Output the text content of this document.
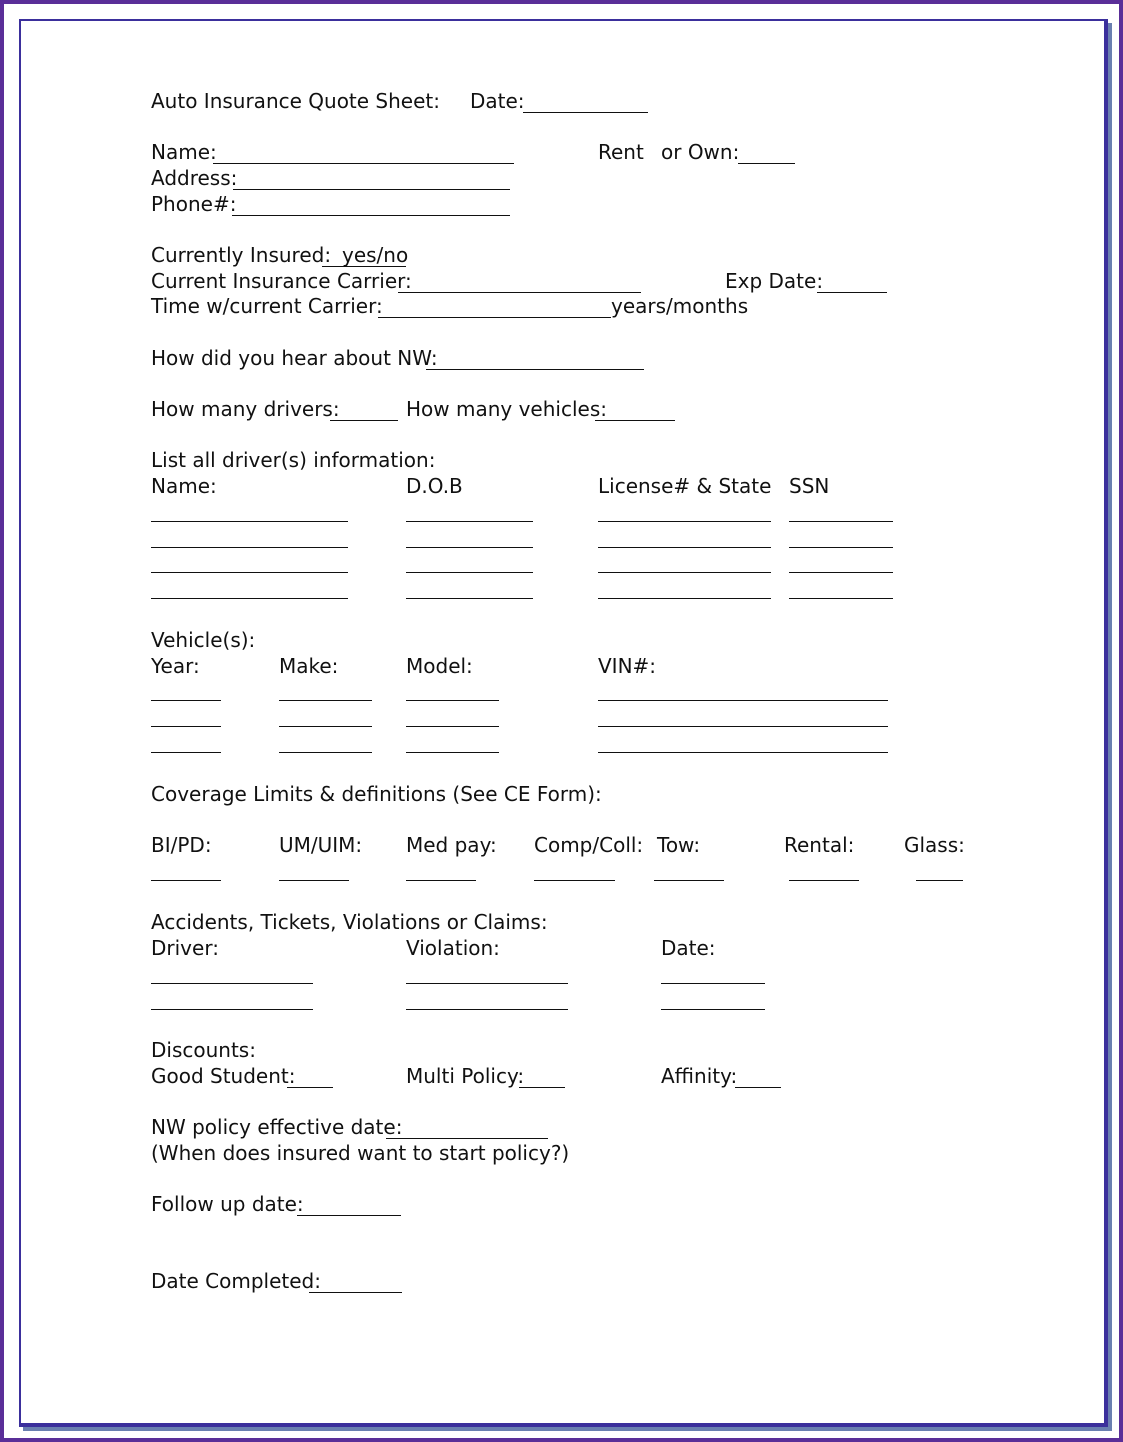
Auto Insurance Quote Sheet: Date:
Name:	Rent or Own:
Address:
Phone#:
Currently Insured: yes/no
Current Insurance Carrier:	Exp Date:
Time w/current Carrier:	years/months
How did you hear about NW:
How many drivers:	How many vehicles:
List all driver(s) information:
Name:	D.O.B	License# & State SSN
Vehicle(s):
Year:	Make:	Model:	VIN#:
Coverage Limits & definitions (See CE Form):
BI/PD:	UM/UIM: Med pay: Comp/Coll: Tow:	Rental: Glass:
Accidents, Tickets, Violations or Claims:
Driver:	Violation:	Date:
Discounts:
Good Student:	Multi Policy:	Affinity:
NW policy effective date:
(When does insured want to start policy?)
Follow up date:
Date Completed:
